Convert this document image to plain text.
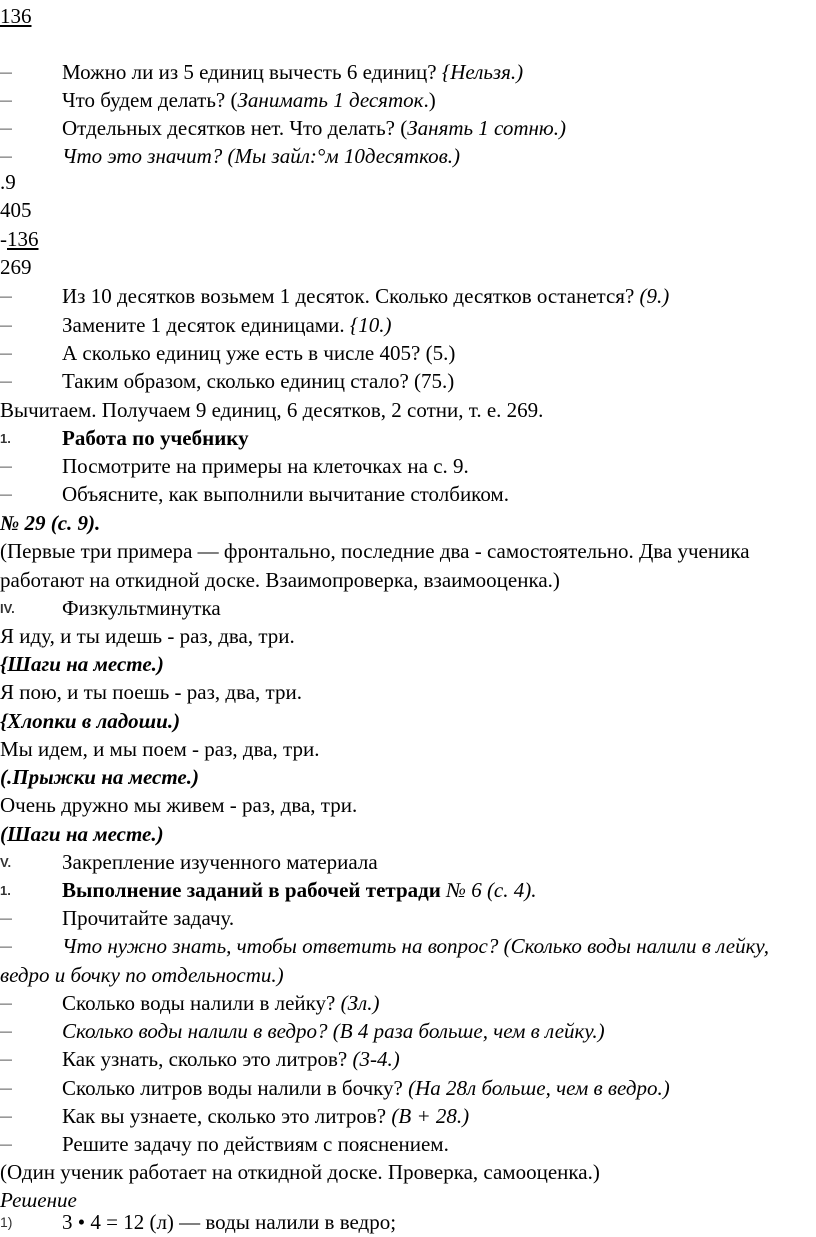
136
— Можно ли из 5 единиц вычесть 6 единиц? {Нельзя.)
— Что будем делать? (Занимать 1 десяток.)
— Отдельных десятков нет. Что делать? (Занять 1 сотню.)
— Что это значит? (Мы зайл:°м 10десятков.)
.9
405
-136
269
— Из 10 десятков возьмем 1 десяток. Сколько десятков останется? (9.)
— Замените 1 десяток единицами. {10.)
— А сколько единиц уже есть в числе 405? (5.)
— Таким образом, сколько единиц стало? (75.)
Вычитаем. Получаем 9 единиц, 6 десятков, 2 сотни, т. е. 269.
1. Работа по учебнику
— Посмотрите на примеры на клеточках на с. 9.
— Объясните, как выполнили вычитание столбиком.
№ 29 (с. 9).
(Первые три примера — фронтально, последние два - самостоятельно. Два ученика работают на откидной доске. Взаимопроверка, взаимооценка.)
IV. Физкультминутка
Я иду, и ты идешь - раз, два, три.
{Шаги на месте.)
Я пою, и ты поешь - раз, два, три.
{Хлопки в ладоши.)
Мы идем, и мы поем - раз, два, три.
(.Прыжки на месте.)
Очень дружно мы живем - раз, два, три.
(Шаги на месте.)
V. Закрепление изученного материала
1. Выполнение заданий в рабочей тетради № 6 (с. 4).
— Прочитайте задачу.
—	Что нужно знать, чтобы ответить на вопрос? (Сколько воды налили в лейку, ведро и бочку по отдельности.)
— Сколько воды налили в лейку? (Зл.)
— Сколько воды налили в ведро? (В 4 раза больше, чем в лейку.)
— Как узнать, сколько это литров? (3-4.)
— Сколько литров воды налили в бочку? (На 28л больше, чем в ведро.)
— Как вы узнаете, сколько это литров? (В + 28.)
— Решите задачу по действиям с пояснением.
(Один ученик работает на откидной доске. Проверка, самооценка.)
Решение
1) 3 • 4 = 12 (л) — воды налили в ведро;
